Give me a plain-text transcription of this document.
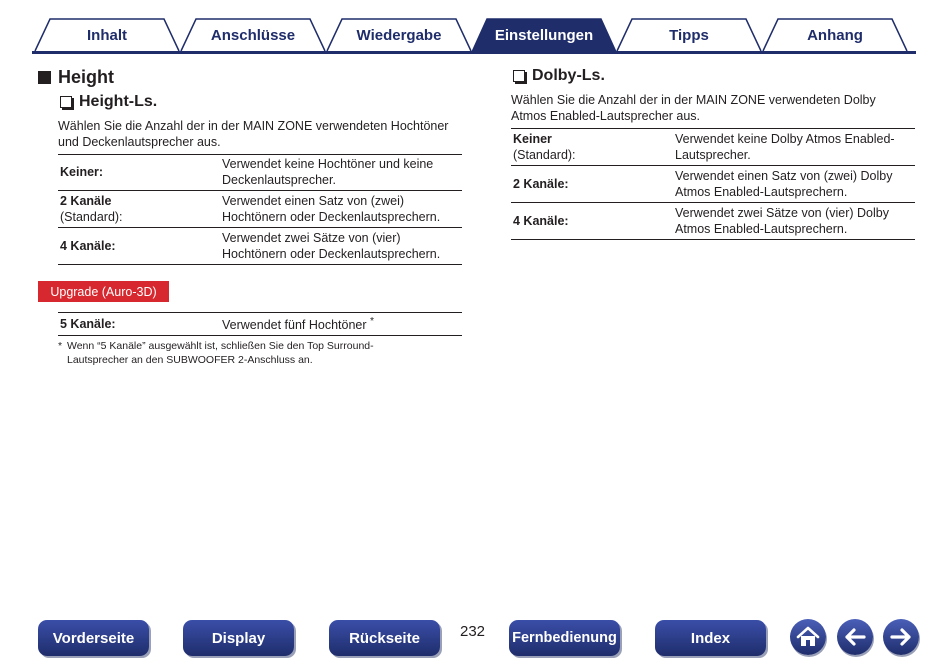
Inhalt	Anschlüsse	Wiedergabe	Einstellungen	Tipps	Anhang
Height
Height-Ls.
Wählen Sie die Anzahl der in der MAIN ZONE verwendeten Hochtöner und Deckenlautsprecher aus.
Keiner:	Verwendet keine Hochtöner und keine Deckenlautsprecher.

2 Kanäle
(Standard):	Verwendet einen Satz von (zwei) Hochtönern oder Deckenlautsprechern.

4 Kanäle:	Verwendet zwei Sätze von (vier) Hochtönern oder Deckenlautsprechern.
Upgrade (Auro-3D)
5 Kanäle:	Verwendet fünf Hochtöner *
* Wenn “5 Kanäle” ausgewählt ist, schließen Sie den Top Surround-
Lautsprecher an den SUBWOOFER 2-Anschluss an.
Dolby-Ls.
Wählen Sie die Anzahl der in der MAIN ZONE verwendeten Dolby Atmos Enabled-Lautsprecher aus.
Keiner
(Standard):	Verwendet keine Dolby Atmos Enabled-Lautsprecher.

2 Kanäle:	Verwendet einen Satz von (zwei) Dolby Atmos Enabled-Lautsprechern.

4 Kanäle:	Verwendet zwei Sätze von (vier) Dolby Atmos Enabled-Lautsprechern.
Vorderseite	Display	Rückseite	232 Fernbedienung	Index
